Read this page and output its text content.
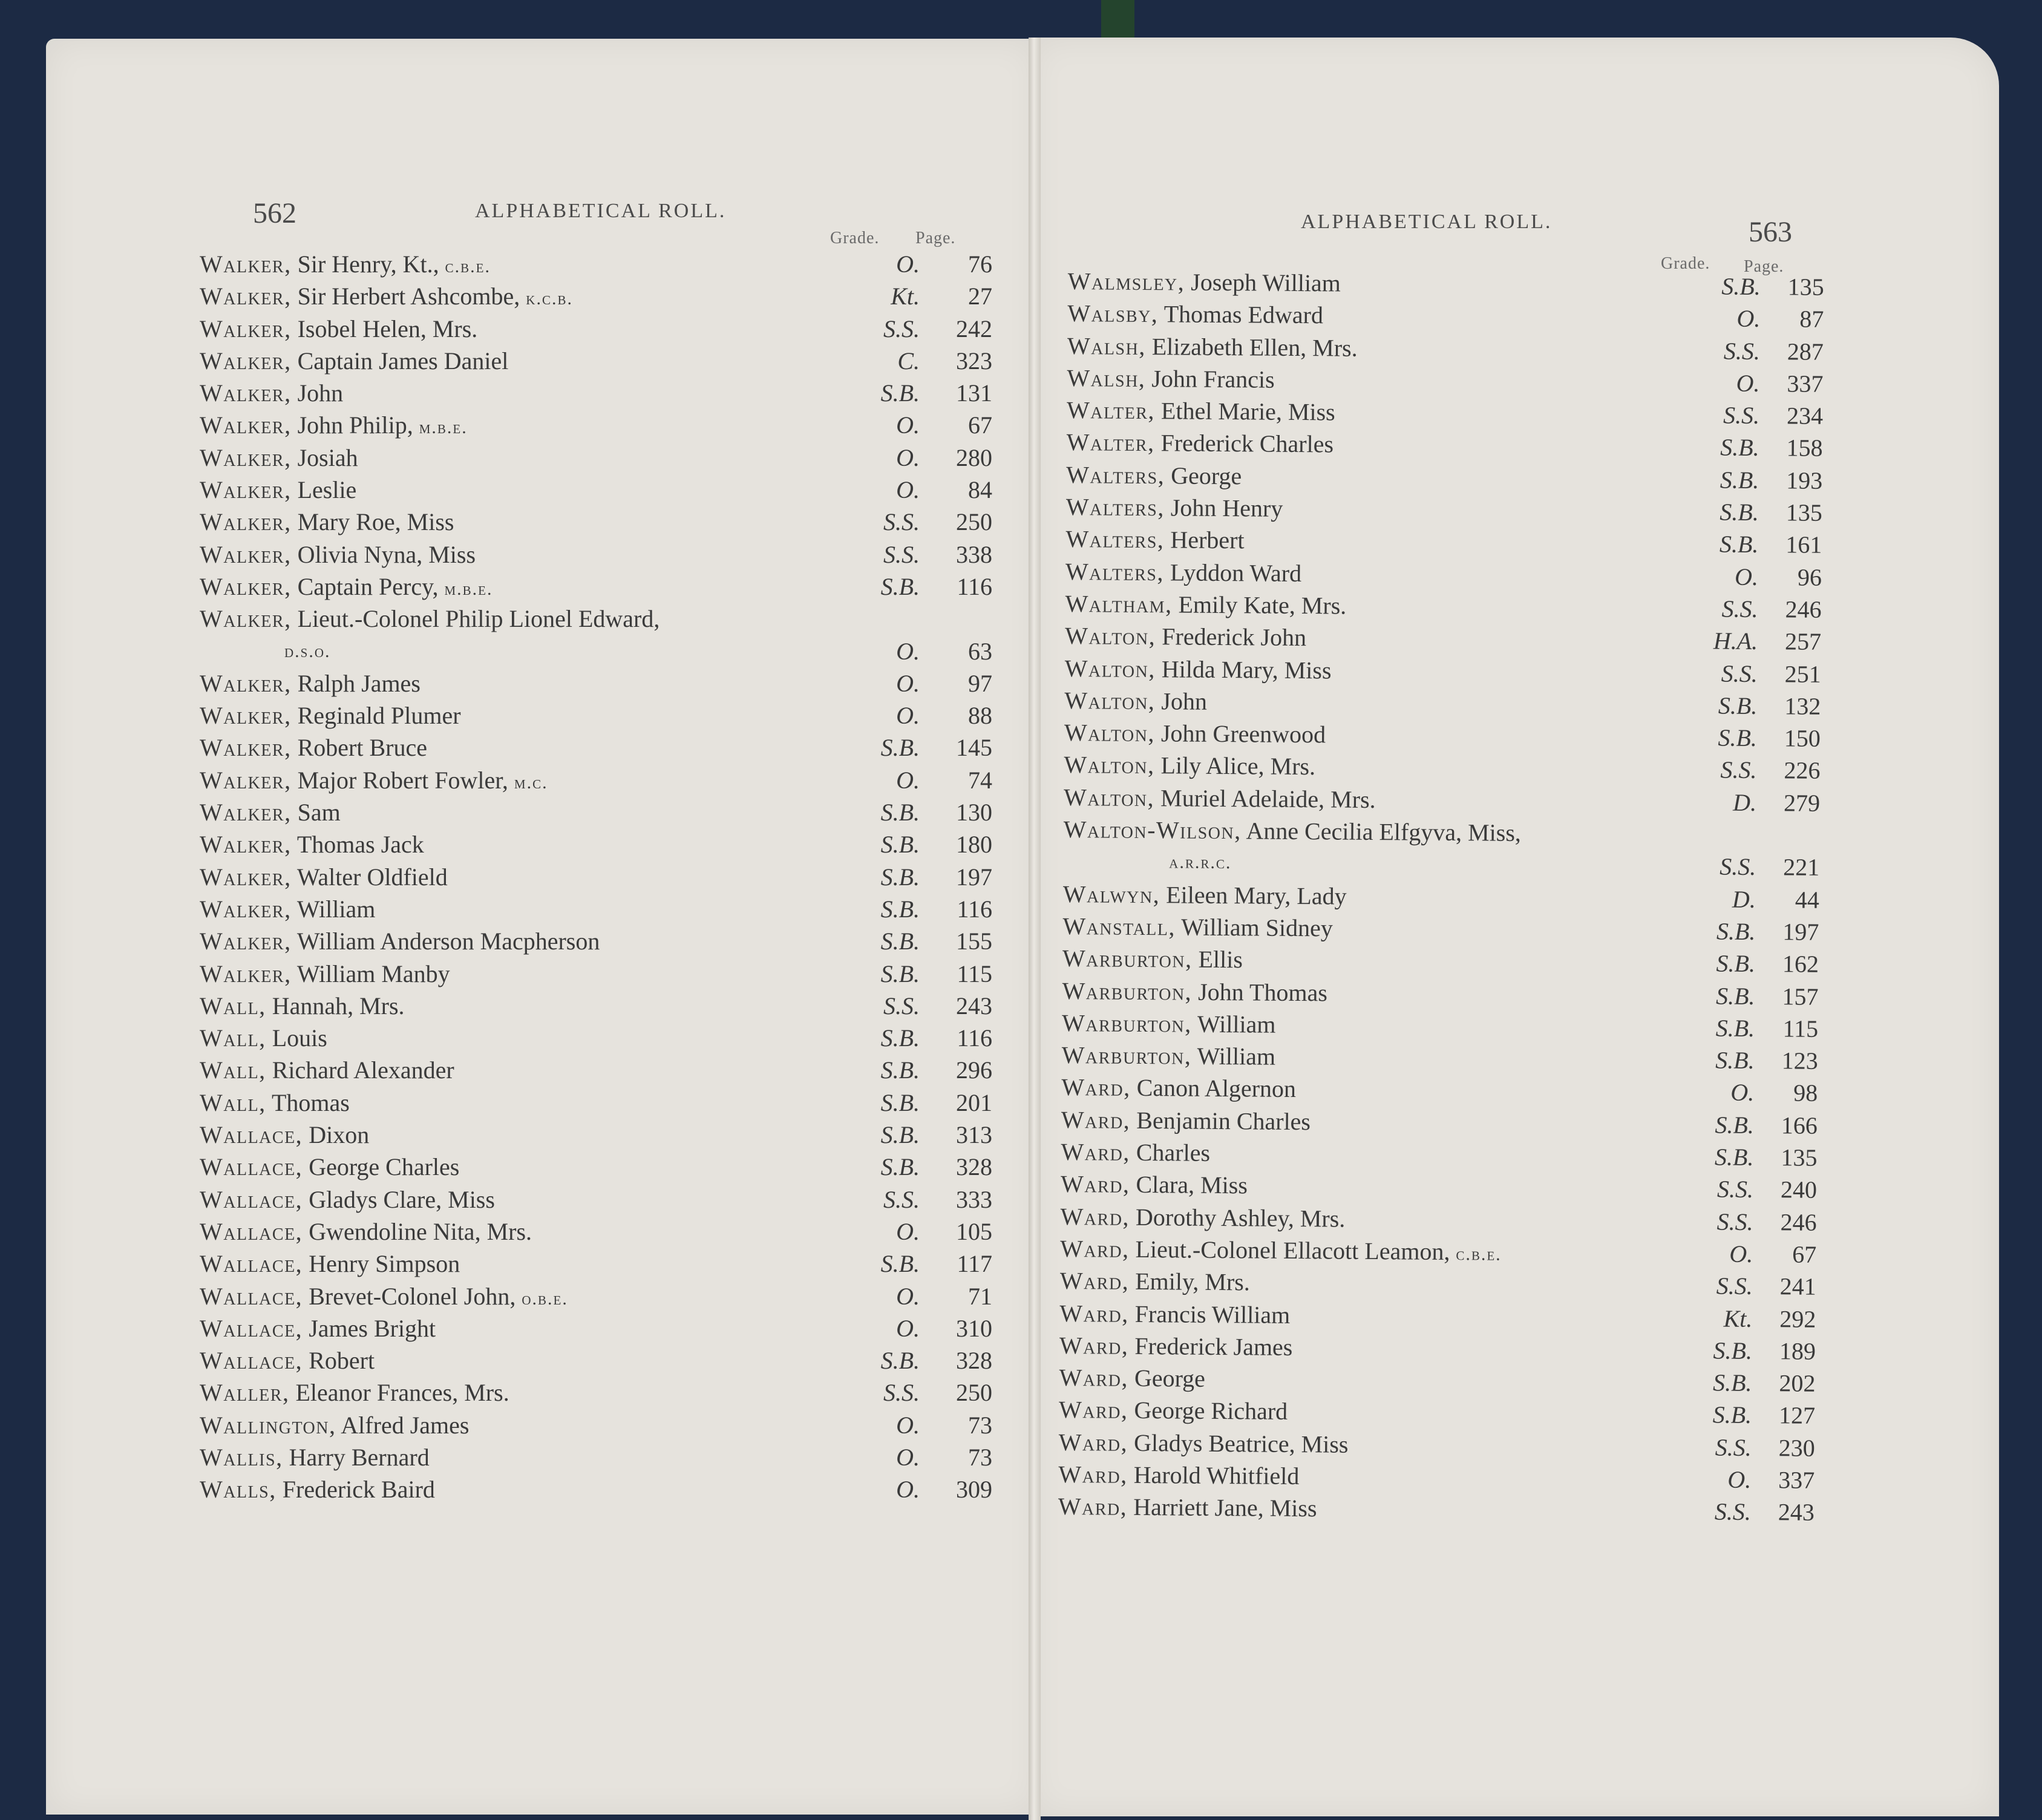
562	ALPHABETICAL ROLL.
Grade. Page.
Walker, Sir Henry, Kt., c.b.e.	O.	76
Walker, Sir Herbert Ashcombe, k.c.b.	Kt.	27
Walker, Isobel Helen, Mrs.	S.S.	242
Walker, Captain James Daniel	C.	323
Walker, John	S.B.	131
Walker, John Philip, m.b.e.	O.	67
Walker, Josiah	O.	280
Walker, Leslie	O.	84
Walker, Mary Roe, Miss	S.S.	250
Walker, Olivia Nyna, Miss	S.S.	338
Walker, Captain Percy, m.b.e.	S.B.	116
Walker, Lieut.-Colonel Philip Lionel Edward,
d.s.o.	O.	63
Walker, Ralph James	O.	97
Walker, Reginald Plumer	O.	88
Walker, Robert Bruce	S.B.	145
Walker, Major Robert Fowler, m.c.	O.	74
Walker, Sam	S.B.	130
Walker, Thomas Jack	S.B.	180
Walker, Walter Oldfield	S.B.	197
Walker, William	S.B.	116
Walker, William Anderson Macpherson	S.B.	155
Walker, William Manby	S.B.	115
Wall, Hannah, Mrs.	S.S.	243
Wall, Louis	S.B.	116
Wall, Richard Alexander	S.B.	296
Wall, Thomas	S.B.	201
Wallace, Dixon	S.B.	313
Wallace, George Charles	S.B.	328
Wallace, Gladys Clare, Miss	S.S.	333
Wallace, Gwendoline Nita, Mrs.	O.	105
Wallace, Henry Simpson	S.B.	117
Wallace, Brevet-Colonel John, o.b.e.	O.	71
Wallace, James Bright	O.	310
Wallace, Robert	S.B.	328
Waller, Eleanor Frances, Mrs.	S.S.	250
Wallington, Alfred James	O.	73
Wallis, Harry Bernard	O.	73
Walls, Frederick Baird	O.	309
ALPHABETICAL ROLL.	563
Grade. Page.
Walmsley, Joseph William	S.B.	135
Walsby, Thomas Edward	O.	87
Walsh, Elizabeth Ellen, Mrs.	S.S.	287
Walsh, John Francis	O.	337
Walter, Ethel Marie, Miss	S.S.	234
Walter, Frederick Charles	S.B.	158
Walters, George	S.B.	193
Walters, John Henry	S.B.	135
Walters, Herbert	S.B.	161
Walters, Lyddon Ward	O.	96
Waltham, Emily Kate, Mrs.	S.S.	246
Walton, Frederick John	H.A.	257
Walton, Hilda Mary, Miss	S.S.	251
Walton, John	S.B.	132
Walton, John Greenwood	S.B.	150
Walton, Lily Alice, Mrs.	S.S.	226
Walton, Muriel Adelaide, Mrs.	D.	279
Walton-Wilson, Anne Cecilia Elfgyva, Miss,
a.r.r.c.	S.S.	221
Walwyn, Eileen Mary, Lady	D.	44
Wanstall, William Sidney	S.B.	197
Warburton, Ellis	S.B.	162
Warburton, John Thomas	S.B.	157
Warburton, William	S.B.	115
Warburton, William	S.B.	123
Ward, Canon Algernon	O.	98
Ward, Benjamin Charles	S.B.	166
Ward, Charles	S.B.	135
Ward, Clara, Miss	S.S.	240
Ward, Dorothy Ashley, Mrs.	S.S.	246
Ward, Lieut.-Colonel Ellacott Leamon, c.b.e.	O.	67
Ward, Emily, Mrs.	S.S.	241
Ward, Francis William	Kt.	292
Ward, Frederick James	S.B.	189
Ward, George	S.B.	202
Ward, George Richard	S.B.	127
Ward, Gladys Beatrice, Miss	S.S.	230
Ward, Harold Whitfield	O.	337
Ward, Harriett Jane, Miss	S.S.	243
